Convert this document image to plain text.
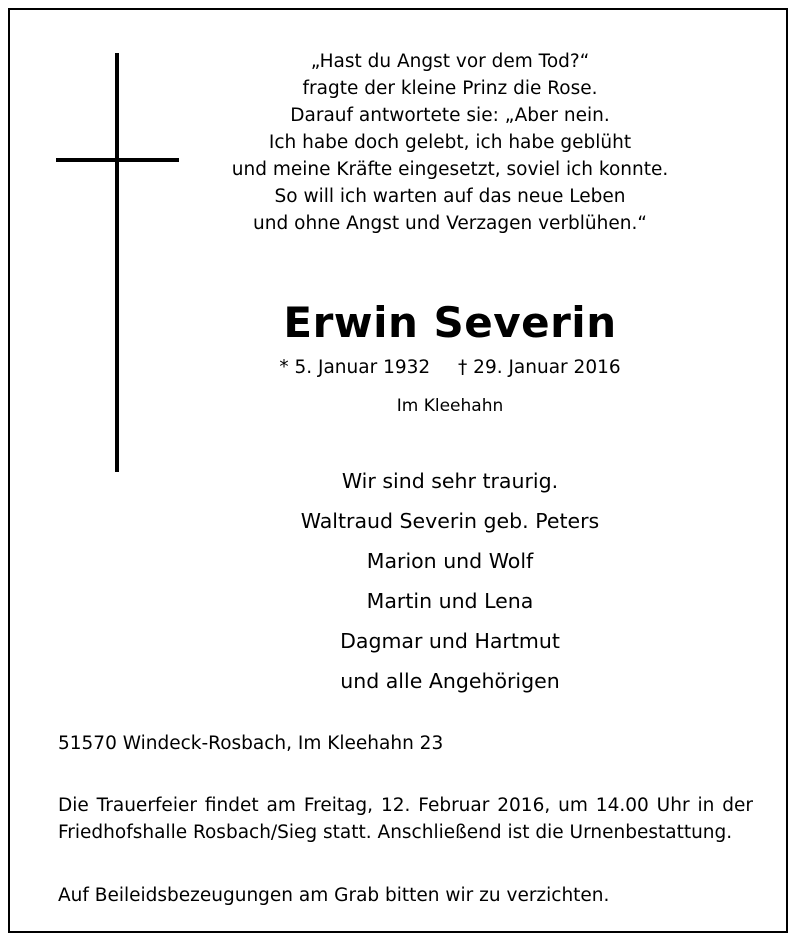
„Hast du Angst vor dem Tod?“
fragte der kleine Prinz die Rose.
Darauf antwortete sie: „Aber nein.
Ich habe doch gelebt, ich habe geblüht
und meine Kräfte eingesetzt, soviel ich konnte.
So will ich warten auf das neue Leben
und ohne Angst und Verzagen verblühen.“
Erwin Severin
* 5. Januar 1932 † 29. Januar 2016
Im Kleehahn
Wir sind sehr traurig.
Waltraud Severin geb. Peters
Marion und Wolf
Martin und Lena
Dagmar und Hartmut
und alle Angehörigen
51570 Windeck-Rosbach, Im Kleehahn 23
Die Trauerfeier findet am Freitag, 12. Februar 2016, um 14.00 Uhr in der Friedhofshalle Rosbach/Sieg statt. Anschließend ist die Urnenbestattung.
Auf Beileidsbezeugungen am Grab bitten wir zu verzichten.
